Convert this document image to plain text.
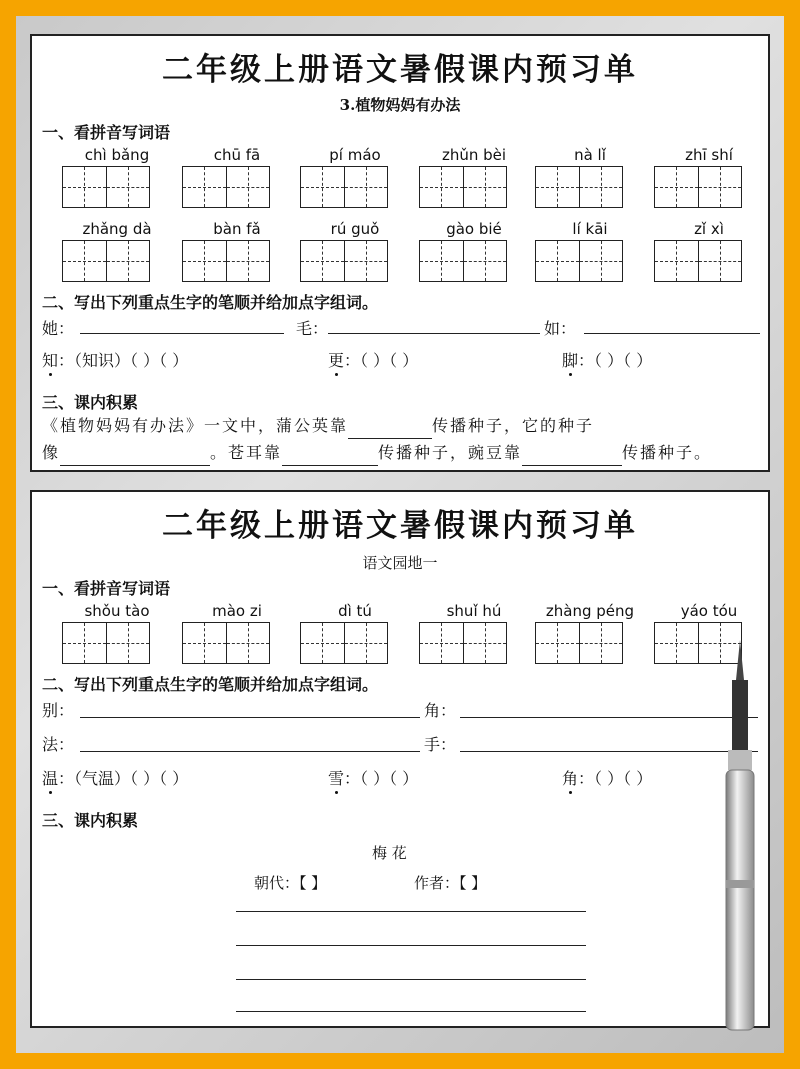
二年级上册语文暑假课内预习单
3.植物妈妈有办法
一、看拼音写词语
chì bǎng	chū fā	pí máo	zhǔn bèi	nà lǐ	zhī shí
zhǎng dà	bàn fǎ	rú guǒ	gào bié	lí kāi	zǐ xì
二、写出下列重点生字的笔顺并给加点字组词。
她：	毛：	如：
知：（知识）（ ）（ ）	更：（ ）（ ）	脚：（ ）（ ）
三、课内积累
《植物妈妈有办法》一文中，蒲公英靠	传播种子，它的种子
像	。苍耳靠	传播种子，豌豆靠	传播种子。
二年级上册语文暑假课内预习单
语文园地一
一、看拼音写词语
shǒu tào	mào zi	dì tú	shuǐ hú	zhàng péng	yáo tóu
二、写出下列重点生字的笔顺并给加点字组词。
别：	角：
法：	手：
温：（气温）（ ）（ ）	雪：（ ）（ ）	角：（ ）（ ）
三、课内积累
梅 花
朝代：【 】	作者：【 】
